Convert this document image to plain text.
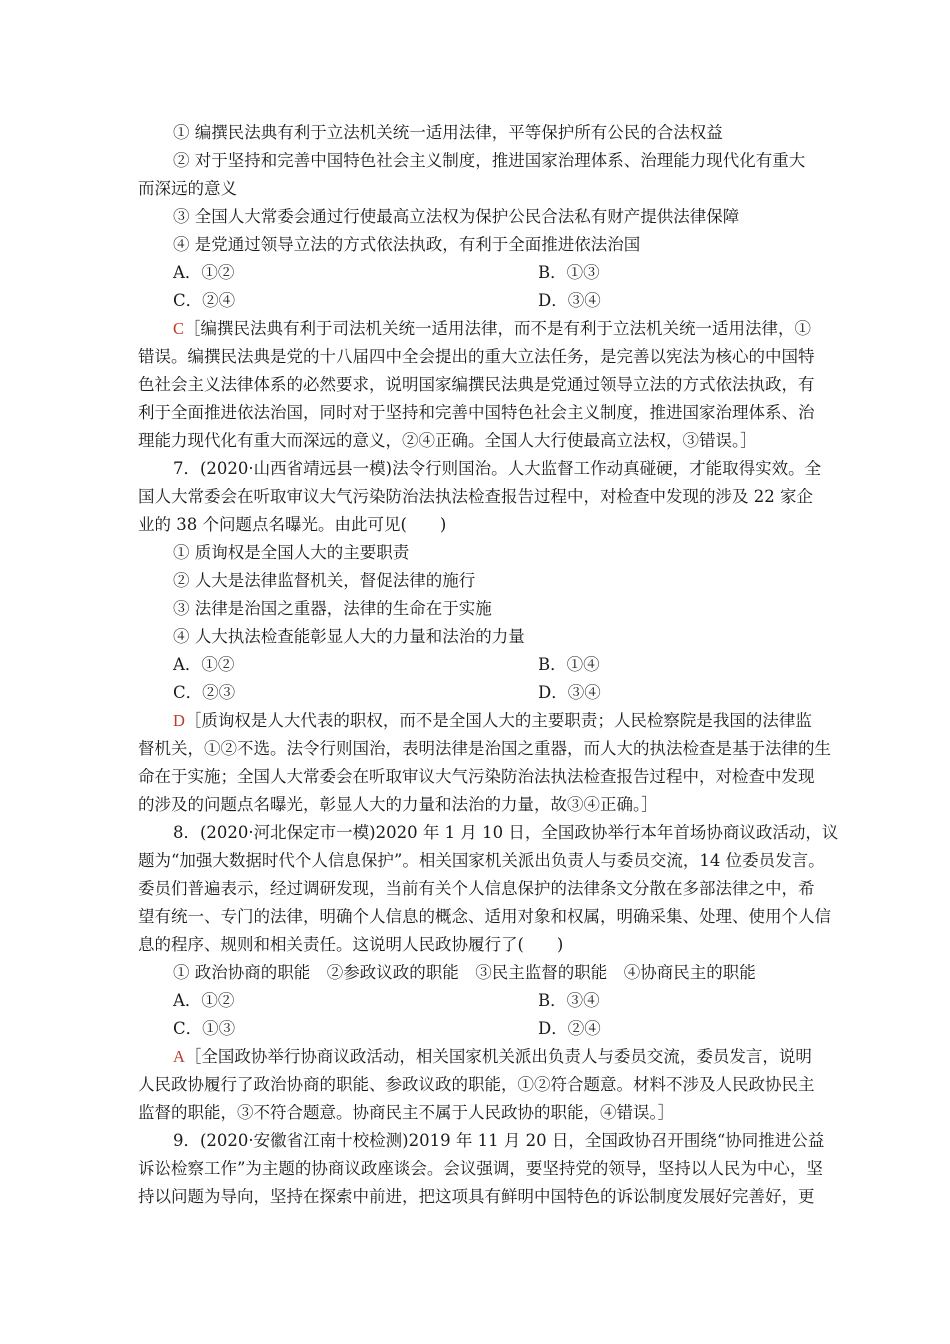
① 编撰民法典有利于立法机关统一适用法律，平等保护所有公民的合法权益
② 对于坚持和完善中国特色社会主义制度，推进国家治理体系、治理能力现代化有重大
而深远的意义
③ 全国人大常委会通过行使最高立法权为保护公民合法私有财产提供法律保障
④ 是党通过领导立法的方式依法执政，有利于全面推进依法治国
A．①②	B．①③
C．②④	D．③④
C［编撰民法典有利于司法机关统一适用法律，而不是有利于立法机关统一适用法律，①
错误。编撰民法典是党的十八届四中全会提出的重大立法任务，是完善以宪法为核心的中国特
色社会主义法律体系的必然要求，说明国家编撰民法典是党通过领导立法的方式依法执政，有
利于全面推进依法治国，同时对于坚持和完善中国特色社会主义制度，推进国家治理体系、治
理能力现代化有重大而深远的意义，②④正确。全国人大行使最高立法权，③错误。］
7．(2020·山西省靖远县一模)法令行则国治。人大监督工作动真碰硬，才能取得实效。全
国人大常委会在听取审议大气污染防治法执法检查报告过程中，对检查中发现的涉及 22 家企
业的 38 个问题点名曝光。由此可见(　　)
① 质询权是全国人大的主要职责
② 人大是法律监督机关，督促法律的施行
③ 法律是治国之重器，法律的生命在于实施
④ 人大执法检查能彰显人大的力量和法治的力量
A．①②	B．①④
C．②③	D．③④
D［质询权是人大代表的职权，而不是全国人大的主要职责；人民检察院是我国的法律监
督机关，①②不选。法令行则国治，表明法律是治国之重器，而人大的执法检查是基于法律的生
命在于实施；全国人大常委会在听取审议大气污染防治法执法检查报告过程中，对检查中发现
的涉及的问题点名曝光，彰显人大的力量和法治的力量，故③④正确。］
8．(2020·河北保定市一模)2020 年 1 月 10 日，全国政协举行本年首场协商议政活动，议
题为“加强大数据时代个人信息保护”。相关国家机关派出负责人与委员交流，14 位委员发言。
委员们普遍表示，经过调研发现，当前有关个人信息保护的法律条文分散在多部法律之中，希
望有统一、专门的法律，明确个人信息的概念、适用对象和权属，明确采集、处理、使用个人信
息的程序、规则和相关责任。这说明人民政协履行了(　　)
① 政治协商的职能　②参政议政的职能　③民主监督的职能　④协商民主的职能
A．①②	B．③④
C．①③	D．②④
A［全国政协举行协商议政活动，相关国家机关派出负责人与委员交流，委员发言，说明
人民政协履行了政治协商的职能、参政议政的职能，①②符合题意。材料不涉及人民政协民主
监督的职能，③不符合题意。协商民主不属于人民政协的职能，④错误。］
9．(2020·安徽省江南十校检测)2019 年 11 月 20 日，全国政协召开围绕“协同推进公益
诉讼检察工作”为主题的协商议政座谈会。会议强调，要坚持党的领导，坚持以人民为中心，坚
持以问题为导向，坚持在探索中前进，把这项具有鲜明中国特色的诉讼制度发展好完善好，更
